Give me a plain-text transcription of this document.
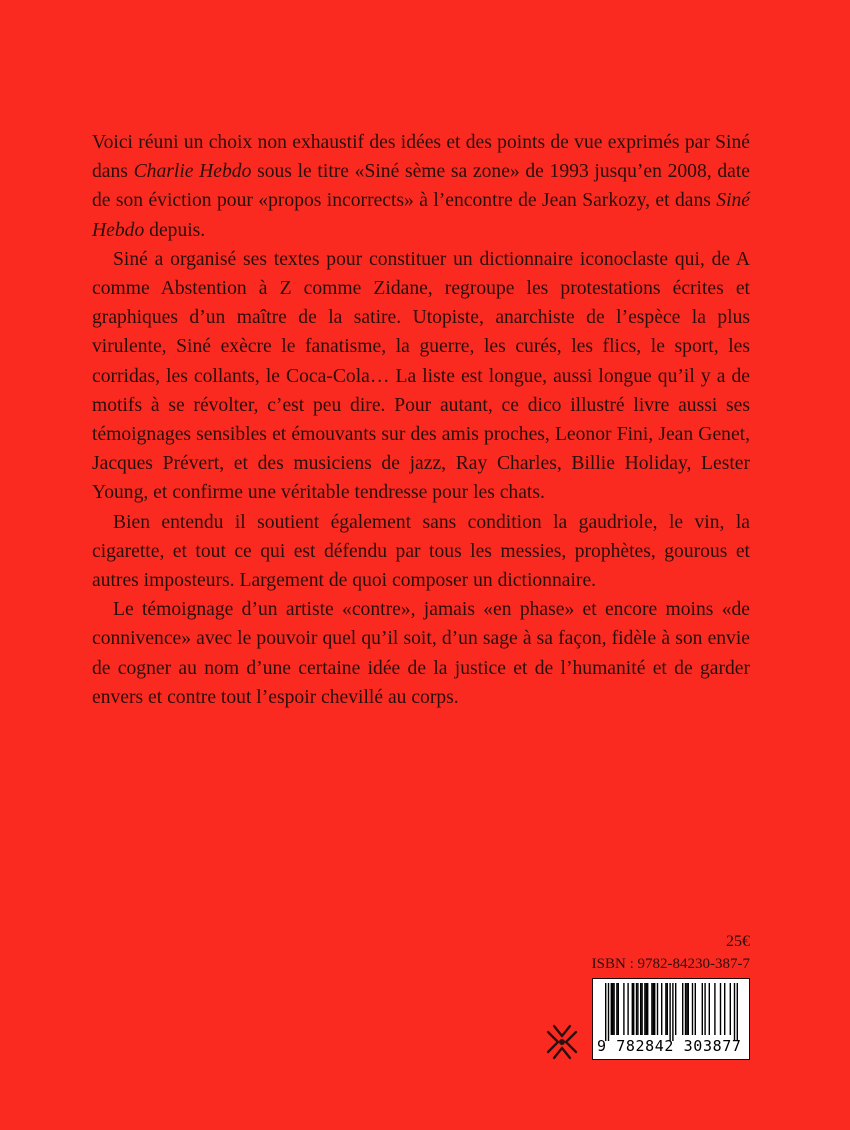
Voici réuni un choix non exhaustif des idées et des points de vue exprimés par Siné dans Charlie Hebdo sous le titre «Siné sème sa zone» de 1993 jusqu’en 2008, date de son éviction pour «propos incorrects» à l’encontre de Jean Sarkozy, et dans Siné Hebdo depuis.

Siné a organisé ses textes pour constituer un dictionnaire iconoclaste qui, de A comme Abstention à Z comme Zidane, regroupe les protestations écrites et graphiques d’un maître de la satire. Utopiste, anarchiste de l’espèce la plus virulente, Siné exècre le fanatisme, la guerre, les curés, les flics, le sport, les corridas, les collants, le Coca-Cola… La liste est longue, aussi longue qu’il y a de motifs à se révolter, c’est peu dire. Pour autant, ce dico illustré livre aussi ses témoignages sensibles et émouvants sur des amis proches, Leonor Fini, Jean Genet, Jacques Prévert, et des musiciens de jazz, Ray Charles, Billie Holiday, Lester Young, et confirme une véritable tendresse pour les chats.

Bien entendu il soutient également sans condition la gaudriole, le vin, la cigarette, et tout ce qui est défendu par tous les messies, prophètes, gourous et autres imposteurs. Largement de quoi composer un dictionnaire.

Le témoignage d’un artiste «contre», jamais «en phase» et encore moins «de connivence» avec le pouvoir quel qu’il soit, d’un sage à sa façon, fidèle à son envie de cogner au nom d’une certaine idée de la justice et de l’humanité et de garder envers et contre tout l’espoir chevillé au corps.

25€
ISBN : 9782-84230-387-7
9 782842 303877
